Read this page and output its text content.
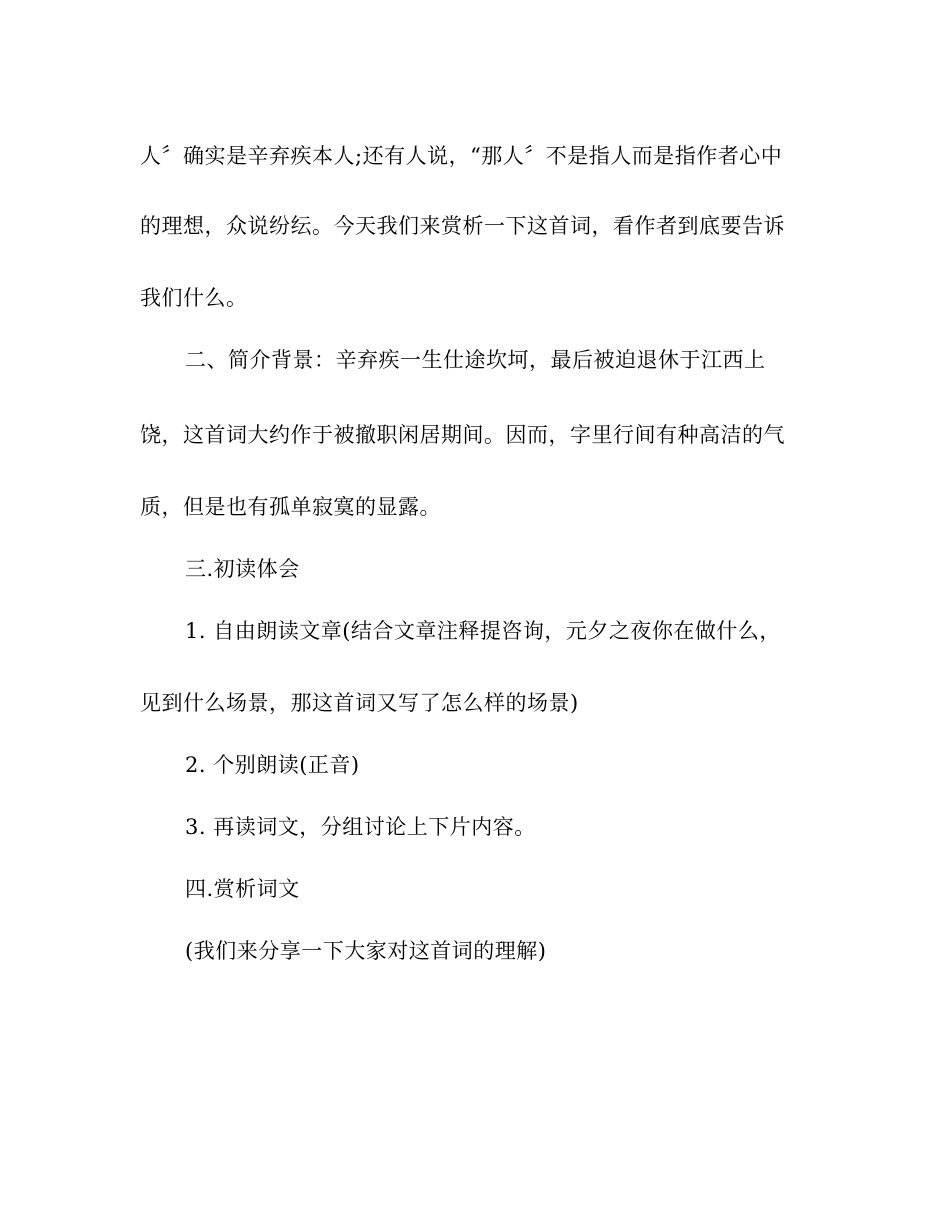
人〞确实是辛弃疾本人;还有人说，“那人〞不是指人而是指作者心中
的理想，众说纷纭。今天我们来赏析一下这首词，看作者到底要告诉
我们什么。
二、简介背景：辛弃疾一生仕途坎坷，最后被迫退休于江西上
饶，这首词大约作于被撤职闲居期间。因而，字里行间有种高洁的气
质，但是也有孤单寂寞的显露。
三.初读体会
1. 自由朗读文章(结合文章注释提咨询，元夕之夜你在做什么，
见到什么场景，那这首词又写了怎么样的场景)
2. 个别朗读(正音)
3. 再读词文，分组讨论上下片内容。
四.赏析词文
(我们来分享一下大家对这首词的理解)
